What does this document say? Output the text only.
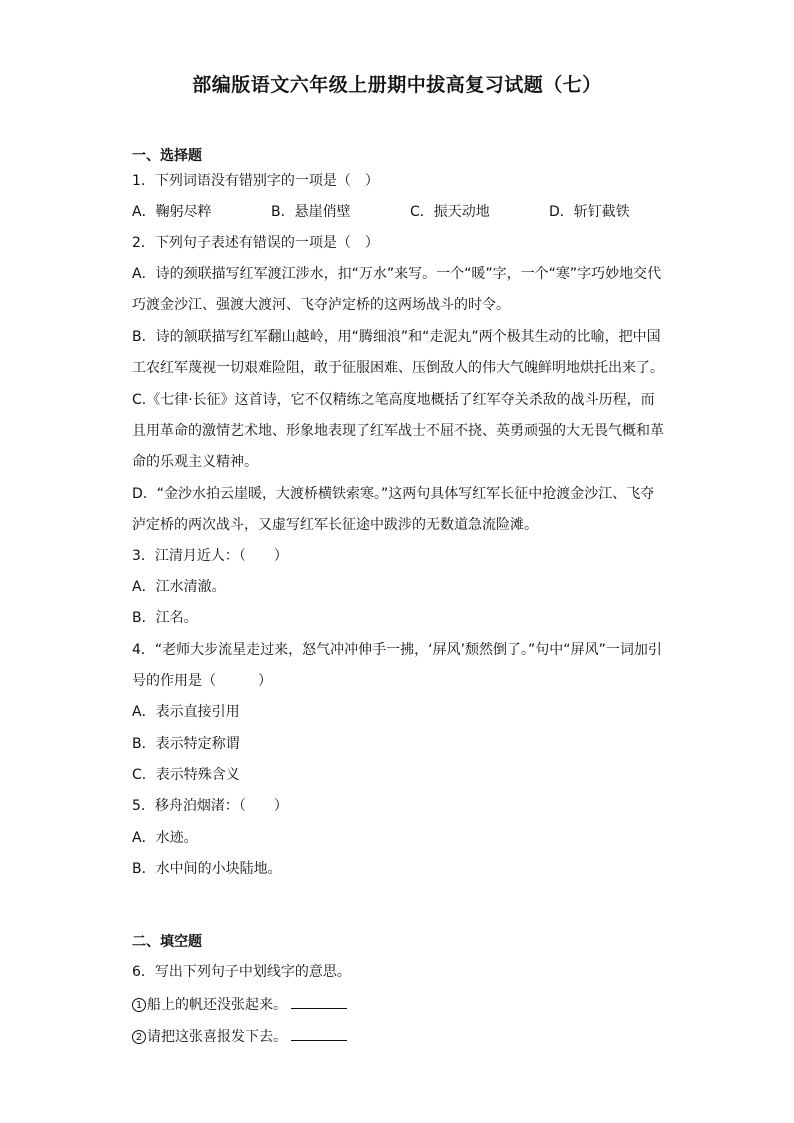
部编版语文六年级上册期中拔高复习试题（七）

一、选择题

1．下列词语没有错别字的一项是（　）

A．鞠躬尽粹	B．悬崖俏壁	C．振天动地	D．斩钉截铁

2．下列句子表述有错误的一项是（　）

A．诗的颈联描写红军渡江涉水，扣“万水”来写。一个“暖”字，一个“寒”字巧妙地交代

巧渡金沙江、强渡大渡河、飞夺泸定桥的这两场战斗的时令。

B．诗的颔联描写红军翻山越岭，用“腾细浪”和“走泥丸”两个极其生动的比喻，把中国

工农红军蔑视一切艰难险阻，敢于征服困难、压倒敌人的伟大气魄鲜明地烘托出来了。

C.《七律·长征》这首诗，它不仅精练之笔高度地概括了红军夺关杀敌的战斗历程，而

且用革命的激情艺术地、形象地表现了红军战士不屈不挠、英勇顽强的大无畏气概和革

命的乐观主义精神。

D．“金沙水拍云崖暖，大渡桥横铁索寒。”这两句具体写红军长征中抢渡金沙江、飞夺

泸定桥的两次战斗，又虚写红军长征途中跋涉的无数道急流险滩。

3．江清月近人：（　　）

A．江水清澈。

B．江名。

4．“老师大步流星走过来，怒气冲冲伸手一拂，‘屏风’颓然倒了。”句中“屏风”一词加引

号的作用是（　　　）

A．表示直接引用

B．表示特定称谓

C．表示特殊含义

5．移舟泊烟渚：（　　）

A．水迹。

B．水中间的小块陆地。

二、填空题

6．写出下列句子中划线字的意思。

1 船上的帆还没张起来。

2 请把这张喜报发下去。
